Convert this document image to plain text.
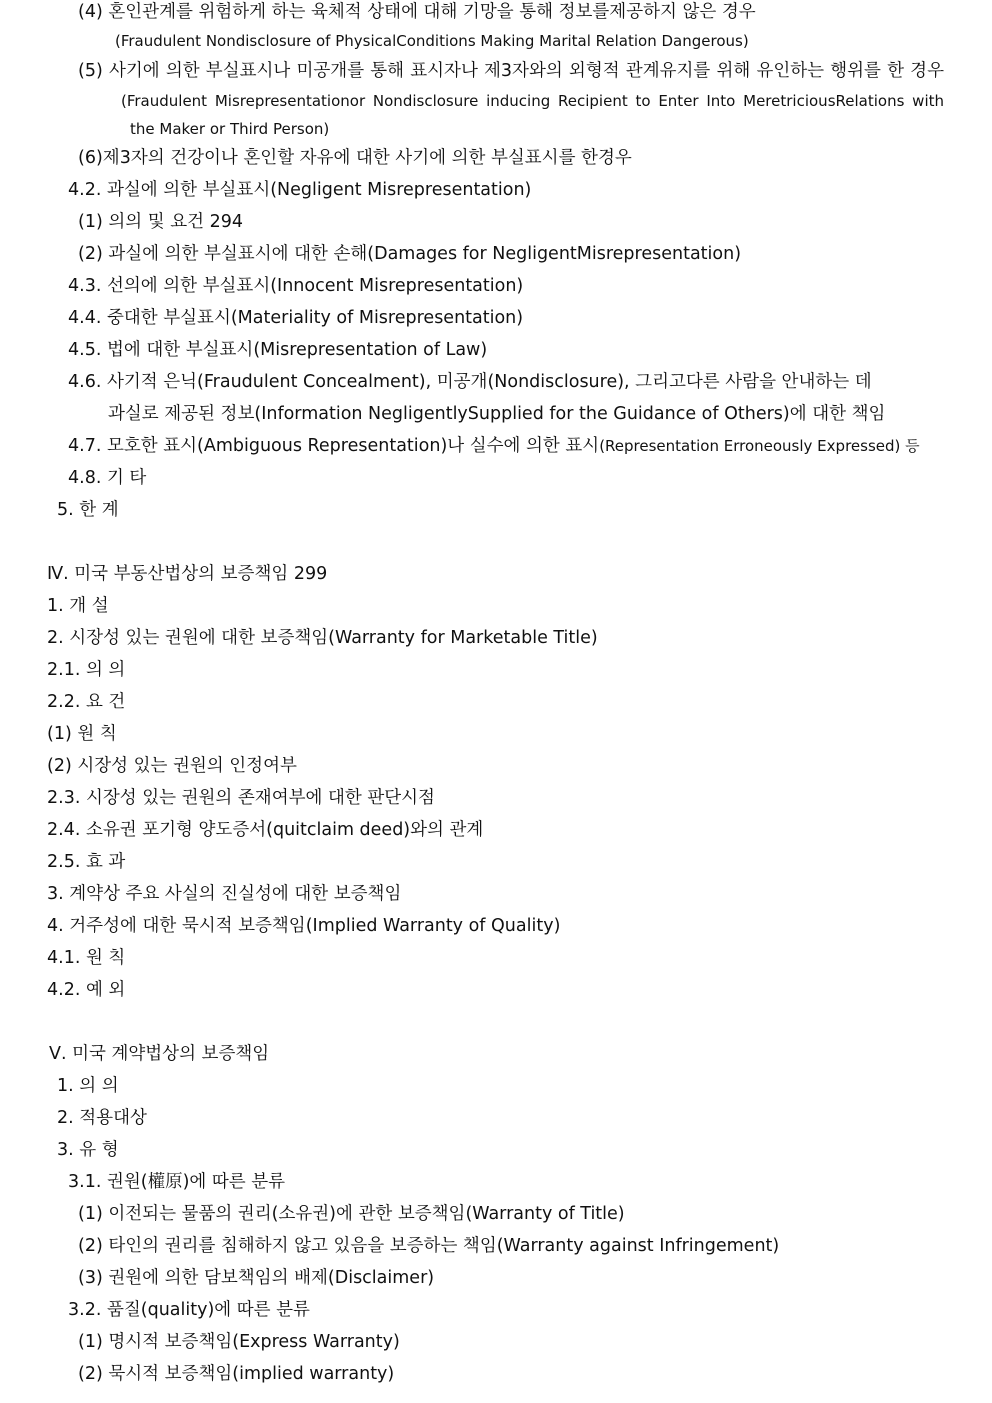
(4) 혼인관계를 위험하게 하는 육체적 상태에 대해 기망을 통해 정보를제공하지 않은 경우
(Fraudulent Nondisclosure of PhysicalConditions Making Marital Relation Dangerous)
(5) 사기에 의한 부실표시나 미공개를 통해 표시자나 제3자와의 외형적 관계유지를 위해 유인하는 행위를 한 경우
(Fraudulent Misrepresentationor Nondisclosure inducing Recipient to Enter Into MeretriciousRelations with
the Maker or Third Person)
(6)제3자의 건강이나 혼인할 자유에 대한 사기에 의한 부실표시를 한경우
4.2. 과실에 의한 부실표시(Negligent Misrepresentation)
(1) 의의 및 요건 294
(2) 과실에 의한 부실표시에 대한 손해(Damages for NegligentMisrepresentation)
4.3. 선의에 의한 부실표시(Innocent Misrepresentation)
4.4. 중대한 부실표시(Materiality of Misrepresentation)
4.5. 법에 대한 부실표시(Misrepresentation of Law)
4.6. 사기적 은닉(Fraudulent Concealment), 미공개(Nondisclosure), 그리고다른 사람을 안내하는 데
과실로 제공된 정보(Information NegligentlySupplied for the Guidance of Others)에 대한 책임
4.7. 모호한 표시(Ambiguous Representation)나 실수에 의한 표시(Representation Erroneously Expressed) 등
4.8. 기 타
5. 한 계
Ⅳ. 미국 부동산법상의 보증책임 299
1. 개 설
2. 시장성 있는 권원에 대한 보증책임(Warranty for Marketable Title)
2.1. 의 의
2.2. 요 건
(1) 원 칙
(2) 시장성 있는 권원의 인정여부
2.3. 시장성 있는 권원의 존재여부에 대한 판단시점
2.4. 소유권 포기형 양도증서(quitclaim deed)와의 관계
2.5. 효 과
3. 계약상 주요 사실의 진실성에 대한 보증책임
4. 거주성에 대한 묵시적 보증책임(Implied Warranty of Quality)
4.1. 원 칙
4.2. 예 외
Ⅴ. 미국 계약법상의 보증책임
1. 의 의
2. 적용대상
3. 유 형
3.1. 권원(權原)에 따른 분류
(1) 이전되는 물품의 권리(소유권)에 관한 보증책임(Warranty of Title)
(2) 타인의 권리를 침해하지 않고 있음을 보증하는 책임(Warranty against Infringement)
(3) 권원에 의한 담보책임의 배제(Disclaimer)
3.2. 품질(quality)에 따른 분류
(1) 명시적 보증책임(Express Warranty)
(2) 묵시적 보증책임(implied warranty)
